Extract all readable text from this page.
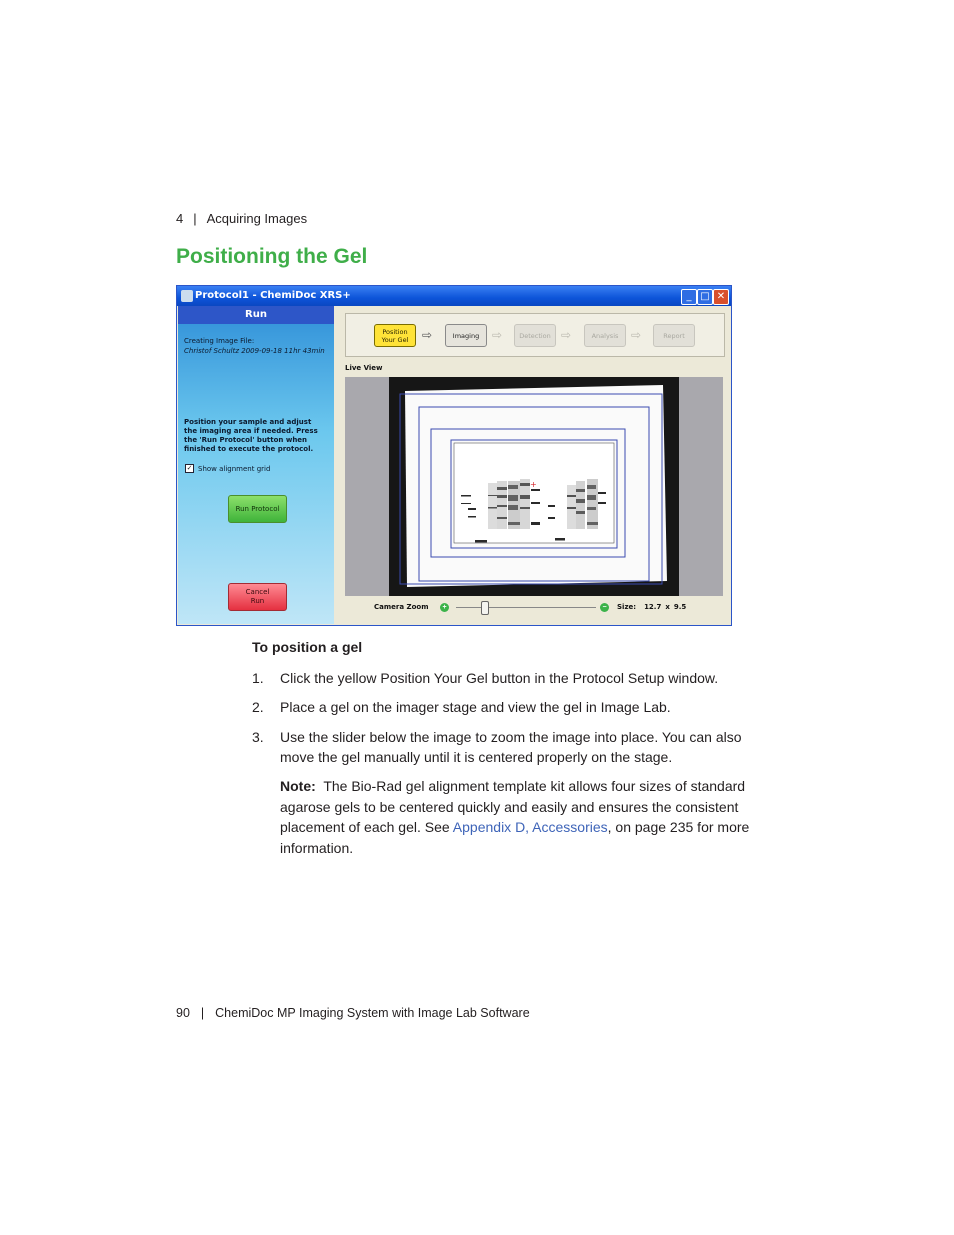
4 | Acquiring Images
Positioning the Gel
Protocol1 - ChemiDoc XRS+	_ □ ✕
Run
Creating Image File:
Christof Schultz 2009-09-18 11hr 43min
Position your sample and adjust the imaging area if needed. Press the 'Run Protocol' button when finished to execute the protocol.
✓ Show alignment grid
Run Protocol
Cancel
Run
Position
Your Gel ⇨	Imaging ⇨	Detection ⇨	Analysis ⇨	Report
Live View
+
Camera Zoom	+	−	Size: 12.7 x 9.5
To position a gel
1. Click the yellow Position Your Gel button in the Protocol Setup window.
2. Place a gel on the imager stage and view the gel in Image Lab.
3. Use the slider below the image to zoom the image into place. You can also move the gel manually until it is centered properly on the stage.
Note: The Bio-Rad gel alignment template kit allows four sizes of standard agarose gels to be centered quickly and easily and ensures the consistent placement of each gel. See Appendix D, Accessories, on page 235 for more information.
90 | ChemiDoc MP Imaging System with Image Lab Software
